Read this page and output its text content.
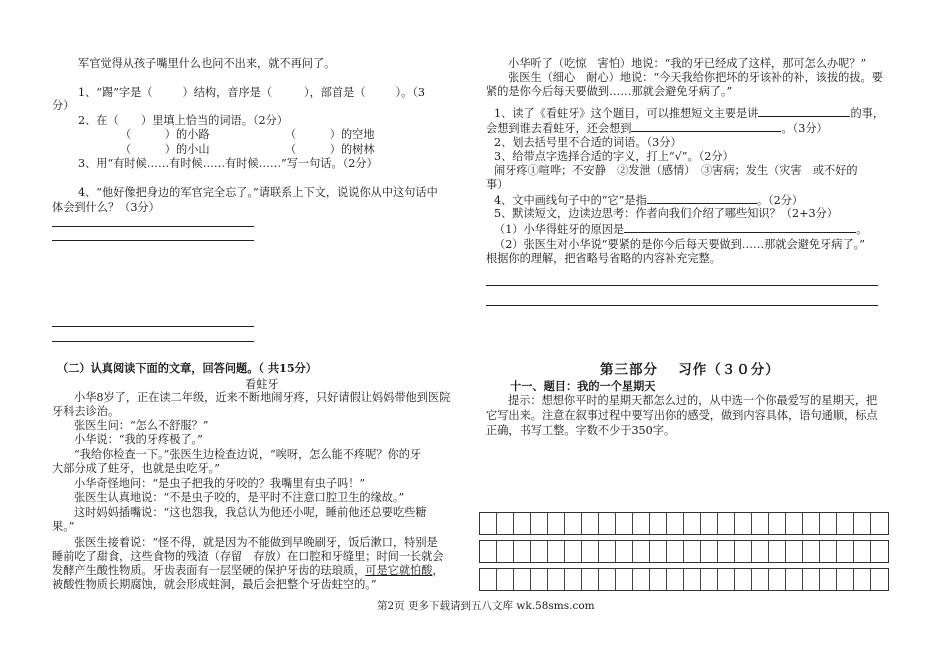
军官觉得从孩子嘴里什么也问不出来，就不再问了。
1、“踢”字是（	）结构，音序是（	），部首是（	）。（3
分）
2、在（　　）里填上恰当的词语。（2分）
（　　　）的小路	（　　　）的空地
（　　　）的小山	（　　　）的树林
3、用“有时候……有时候……有时候……”写一句话。（2分）
4、“他好像把身边的军官完全忘了。”请联系上下文，说说你从中这句话中
体会到什么？（3分）
（二）认真阅读下面的文章，回答问题。（ 共15分）
看蛀牙
小华8岁了，正在读二年级，近来不断地闹牙疼，只好请假让妈妈带他到医院
牙科去诊治。
张医生问：“怎么不舒服？”
小华说：“我的牙疼极了。”
“我给你检查一下。”张医生边检查边说，“唉呀，怎么能不疼呢？你的牙
大部分成了蛀牙，也就是虫吃牙。”
小华奇怪地问：“是虫子把我的牙咬的？我嘴里有虫子吗！”
张医生认真地说：“不是虫子咬的，是平时不注意口腔卫生的缘故。”
这时妈妈插嘴说：“这也怨我，我总认为他还小呢，睡前他还总要吃些糖
果。”
张医生接着说：“怪不得，就是因为不能做到早晚刷牙，饭后漱口，特别是
睡前吃了甜食，这些食物的残渣（存留　存放）在口腔和牙缝里；时间一长就会
发酵产生酸性物质。牙齿表面有一层坚硬的保护牙齿的珐琅质，可是它就怕酸，
被酸性物质长期腐蚀，就会形成蛀洞，最后会把整个牙齿蛀空的。”
小华听了（吃惊　害怕）地说：“我的牙已经成了这样，那可怎么办呢？”
张医生（细心　耐心）地说：“今天我给你把坏的牙该补的补，该拔的拔。要
紧的是你今后每天要做到……那就会避免牙病了。”
1、读了《看蛀牙》这个题目，可以推想短文主要是讲	的事，
会想到谁去看蛀牙，还会想到	。（3分）
2、划去括号里不合适的词语。（3分）
3、给带点字选择合适的字义，打上“√”。（2分）
闹牙疼①喧哗；不安静　②发泄（感情）　③害病；发生（灾害　或不好的
事）
4、文中画线句子中的“它”是指	。（2分）
5、默读短文，边读边思考：作者向我们介绍了哪些知识？（2+3分）
（1）小华得蛀牙的原因是	。
（2）张医生对小华说“要紧的是你今后每天要做到……那就会避免牙病了。”
根据你的理解，把省略号省略的内容补充完整。
第三部分　 习作（３０分）
十一、题目：我的一个星期天
提示：想想你平时的星期天都怎么过的，从中选一个你最爱写的星期天，把
它写出来。注意在叙事过程中要写出你的感受，做到内容具体，语句通顺，标点
正确，书写工整。字数不少于350字。
第2页 更多下载请到五八文库 wk.58sms.com
